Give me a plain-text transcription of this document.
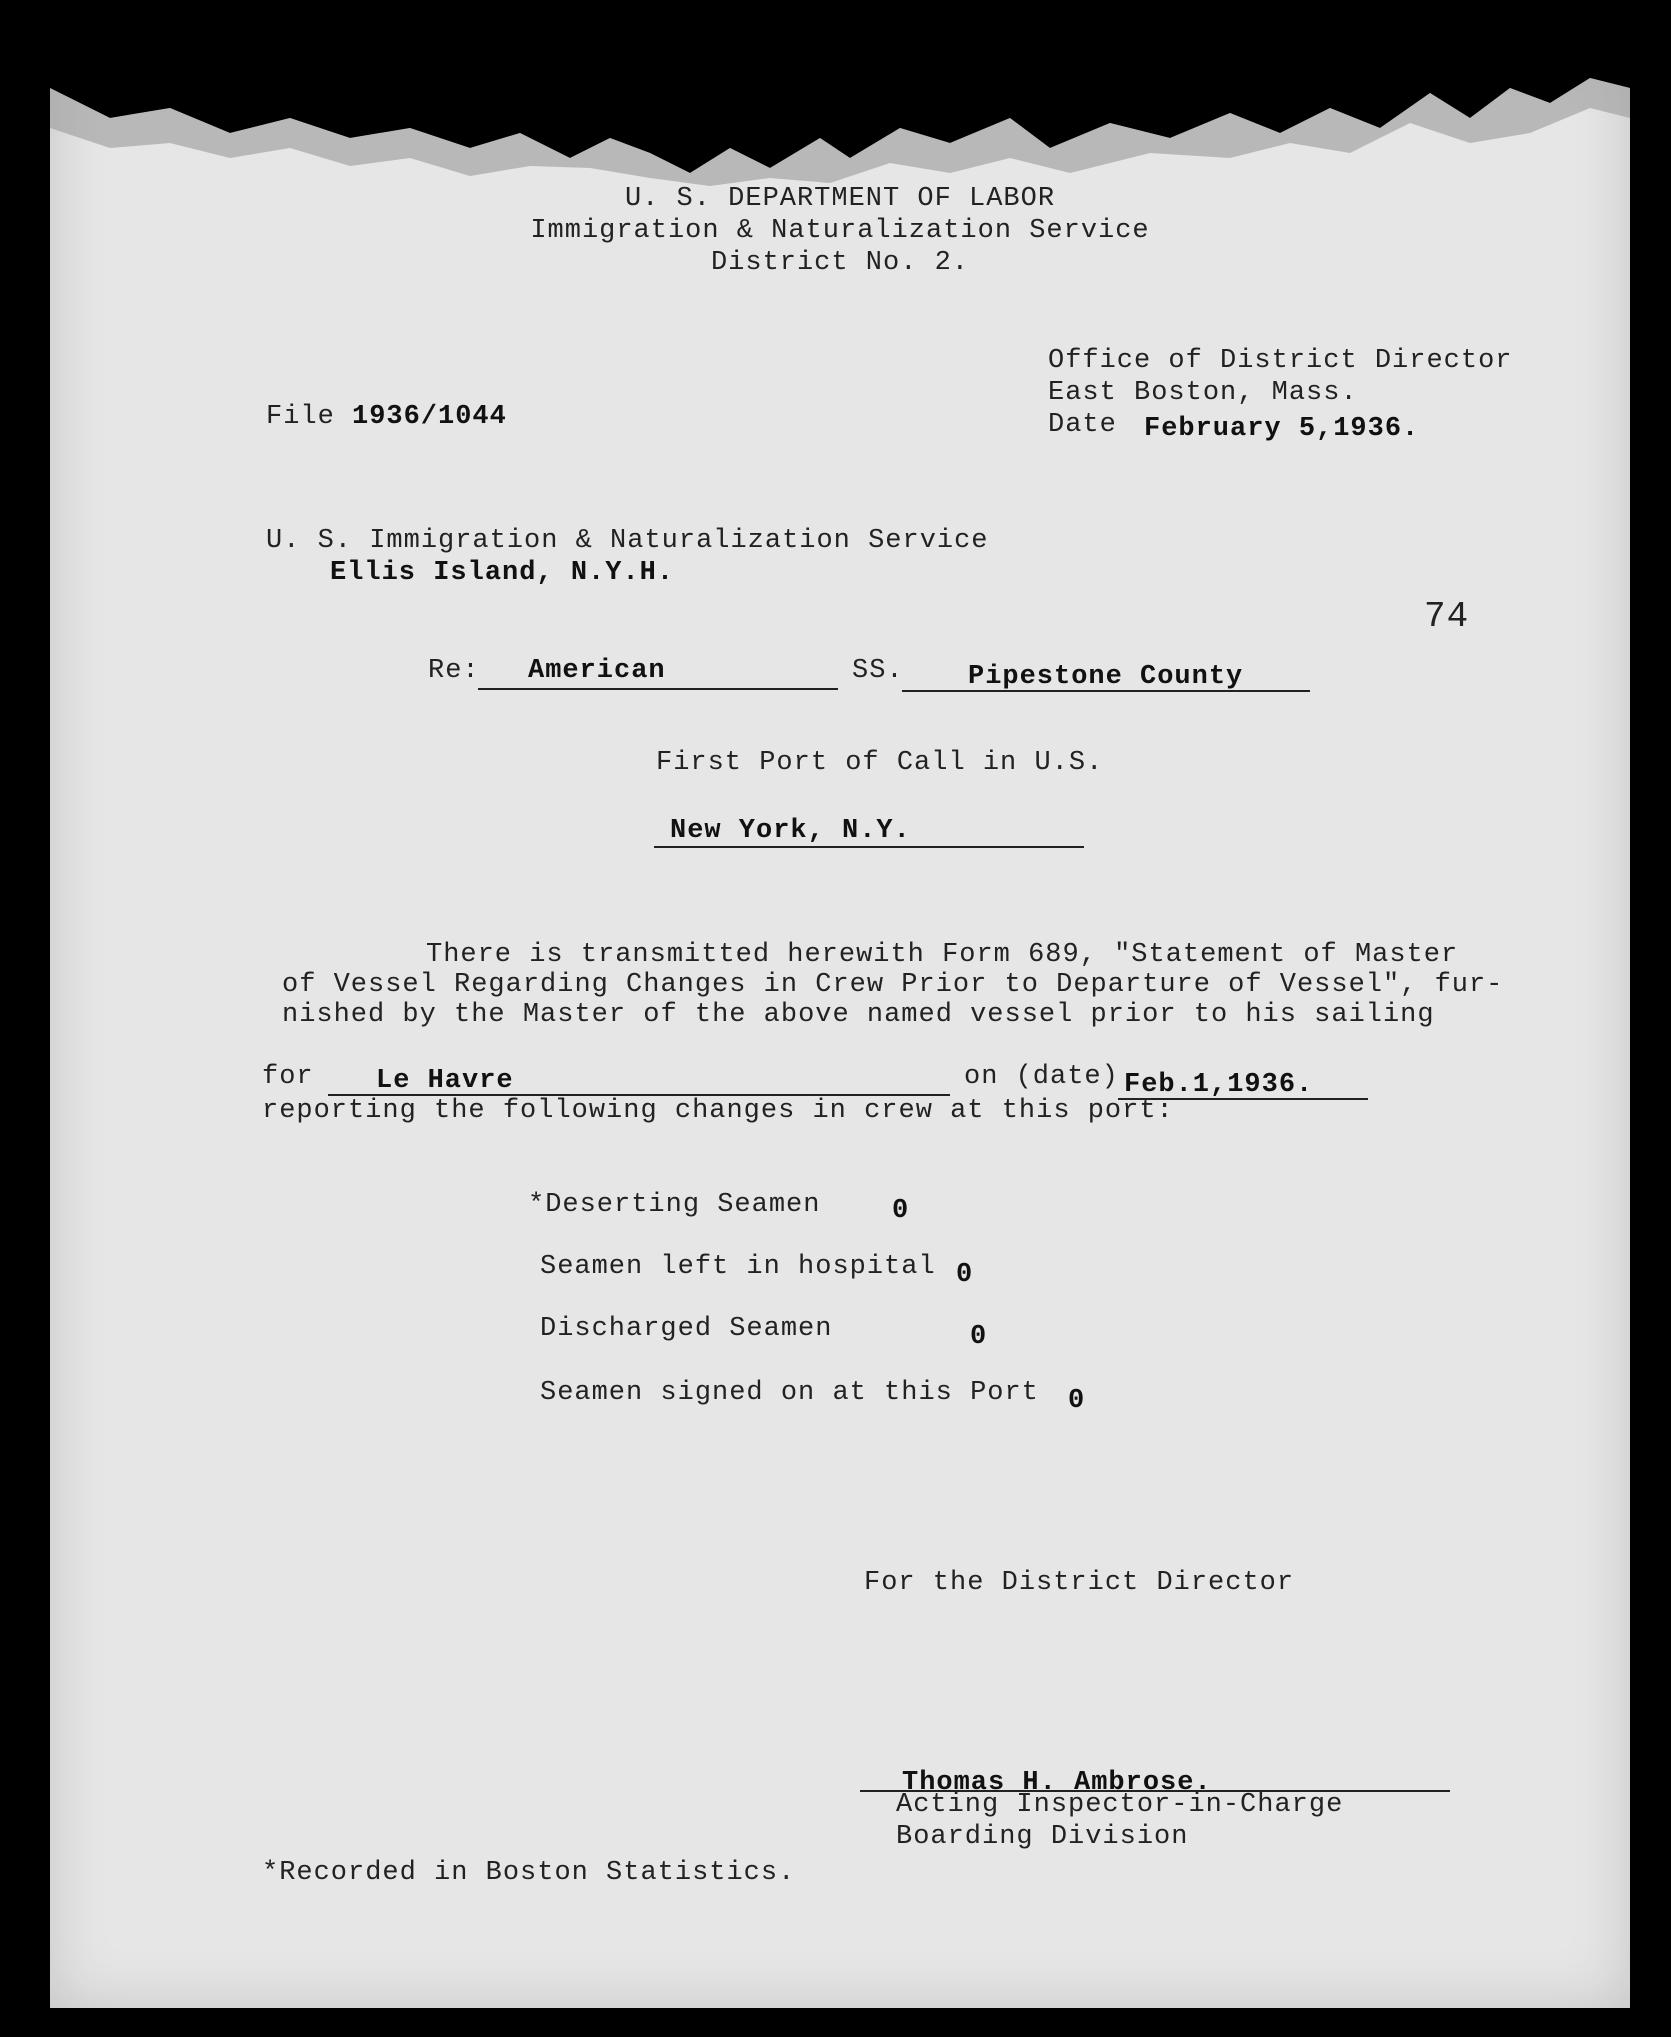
U. S. DEPARTMENT OF LABOR
Immigration & Naturalization Service
District No. 2.
Office of District Director
East Boston, Mass.
Date February 5,1936.
File 1936/1044
U. S. Immigration & Naturalization Service
Ellis Island, N.Y.H.
74
Re: American	SS. Pipestone County
First Port of Call in U.S.
New York, N.Y.
There is transmitted herewith Form 689, "Statement of Master
of Vessel Regarding Changes in Crew Prior to Departure of Vessel", fur-
nished by the Master of the above named vessel prior to his sailing
for Le Havre	on (date) Feb.1,1936.
reporting the following changes in crew at this port:
*Deserting Seamen	0
Seamen left in hospital 0
Discharged Seamen	0
Seamen signed on at this Port 0
For the District Director
Thomas H. Ambrose.
Acting Inspector-in-Charge
Boarding Division
*Recorded in Boston Statistics.
